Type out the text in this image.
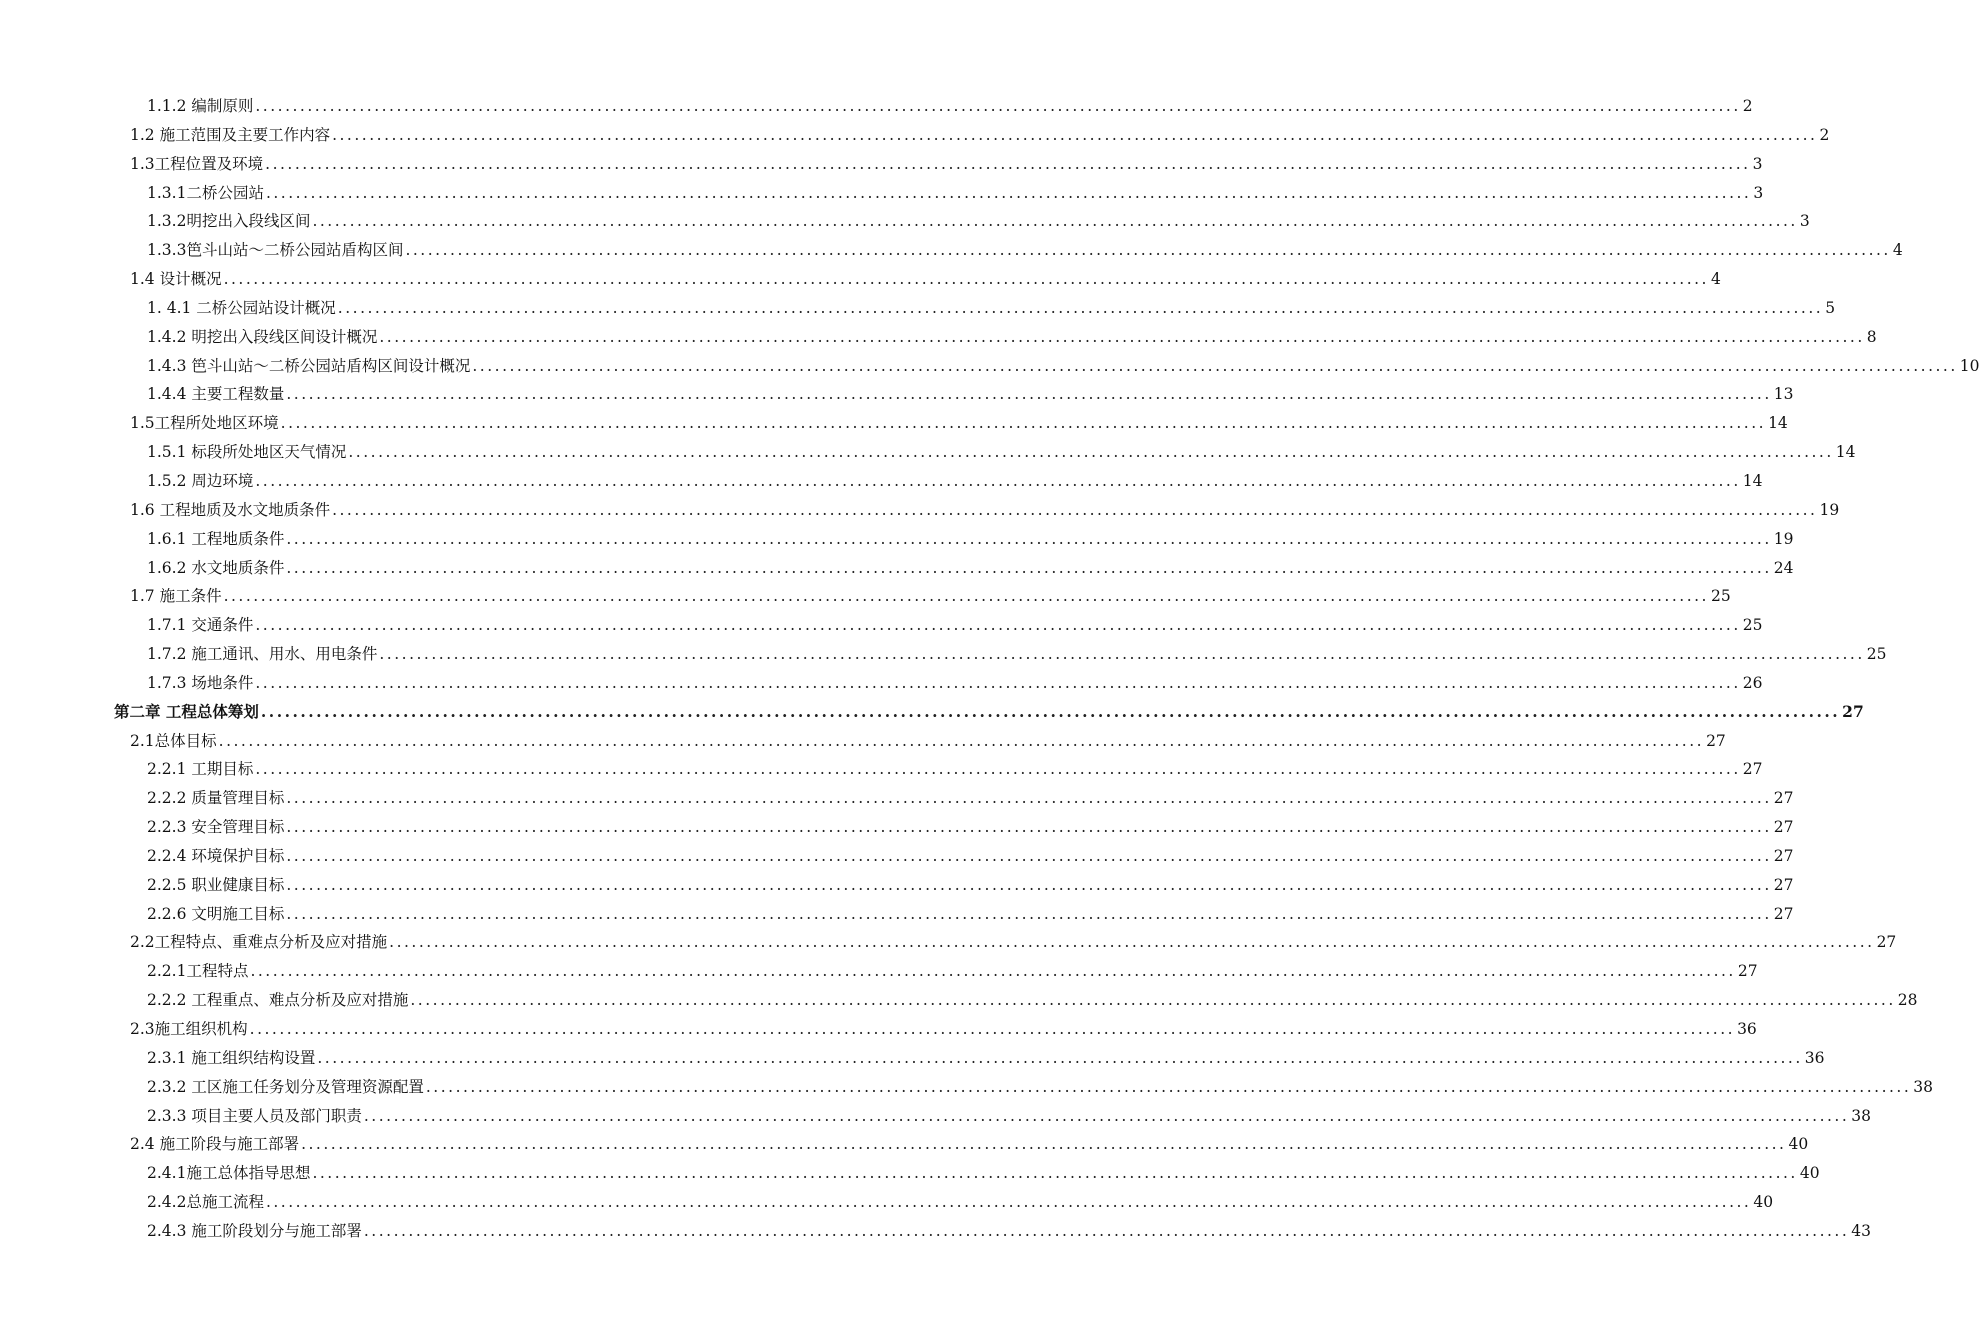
1.1.2 编制原则 ........................................................................................................................................................................................................ 2
1.2 施工范围及主要工作内容 ........................................................................................................................................................................................................ 2
1.3工程位置及环境 ........................................................................................................................................................................................................ 3
1.3.1二桥公园站 ........................................................................................................................................................................................................ 3
1.3.2明挖出入段线区间 ........................................................................................................................................................................................................ 3
1.3.3笆斗山站～二桥公园站盾构区间 ........................................................................................................................................................................................................ 4
1.4 设计概况 ........................................................................................................................................................................................................ 4
1. 4.1 二桥公园站设计概况 ........................................................................................................................................................................................................ 5
1.4.2 明挖出入段线区间设计概况 ........................................................................................................................................................................................................ 8
1.4.3 笆斗山站～二桥公园站盾构区间设计概况 ........................................................................................................................................................................................................ 10
1.4.4 主要工程数量 ........................................................................................................................................................................................................ 13
1.5工程所处地区环境 ........................................................................................................................................................................................................ 14
1.5.1 标段所处地区天气情况 ........................................................................................................................................................................................................ 14
1.5.2 周边环境 ........................................................................................................................................................................................................ 14
1.6 工程地质及水文地质条件 ........................................................................................................................................................................................................ 19
1.6.1 工程地质条件 ........................................................................................................................................................................................................ 19
1.6.2 水文地质条件 ........................................................................................................................................................................................................ 24
1.7 施工条件 ........................................................................................................................................................................................................ 25
1.7.1 交通条件 ........................................................................................................................................................................................................ 25
1.7.2 施工通讯、用水、用电条件 ........................................................................................................................................................................................................ 25
1.7.3 场地条件 ........................................................................................................................................................................................................ 26
第二章 工程总体筹划 ........................................................................................................................................................................................................ 27
2.1总体目标 ........................................................................................................................................................................................................ 27
2.2.1 工期目标 ........................................................................................................................................................................................................ 27
2.2.2 质量管理目标 ........................................................................................................................................................................................................ 27
2.2.3 安全管理目标 ........................................................................................................................................................................................................ 27
2.2.4 环境保护目标 ........................................................................................................................................................................................................ 27
2.2.5 职业健康目标 ........................................................................................................................................................................................................ 27
2.2.6 文明施工目标 ........................................................................................................................................................................................................ 27
2.2工程特点、重难点分析及应对措施 ........................................................................................................................................................................................................ 27
2.2.1工程特点 ........................................................................................................................................................................................................ 27
2.2.2 工程重点、难点分析及应对措施 ........................................................................................................................................................................................................ 28
2.3施工组织机构 ........................................................................................................................................................................................................ 36
2.3.1 施工组织结构设置 ........................................................................................................................................................................................................ 36
2.3.2 工区施工任务划分及管理资源配置 ........................................................................................................................................................................................................ 38
2.3.3 项目主要人员及部门职责 ........................................................................................................................................................................................................ 38
2.4 施工阶段与施工部署 ........................................................................................................................................................................................................ 40
2.4.1施工总体指导思想 ........................................................................................................................................................................................................ 40
2.4.2总施工流程 ........................................................................................................................................................................................................ 40
2.4.3 施工阶段划分与施工部署 ........................................................................................................................................................................................................ 43
